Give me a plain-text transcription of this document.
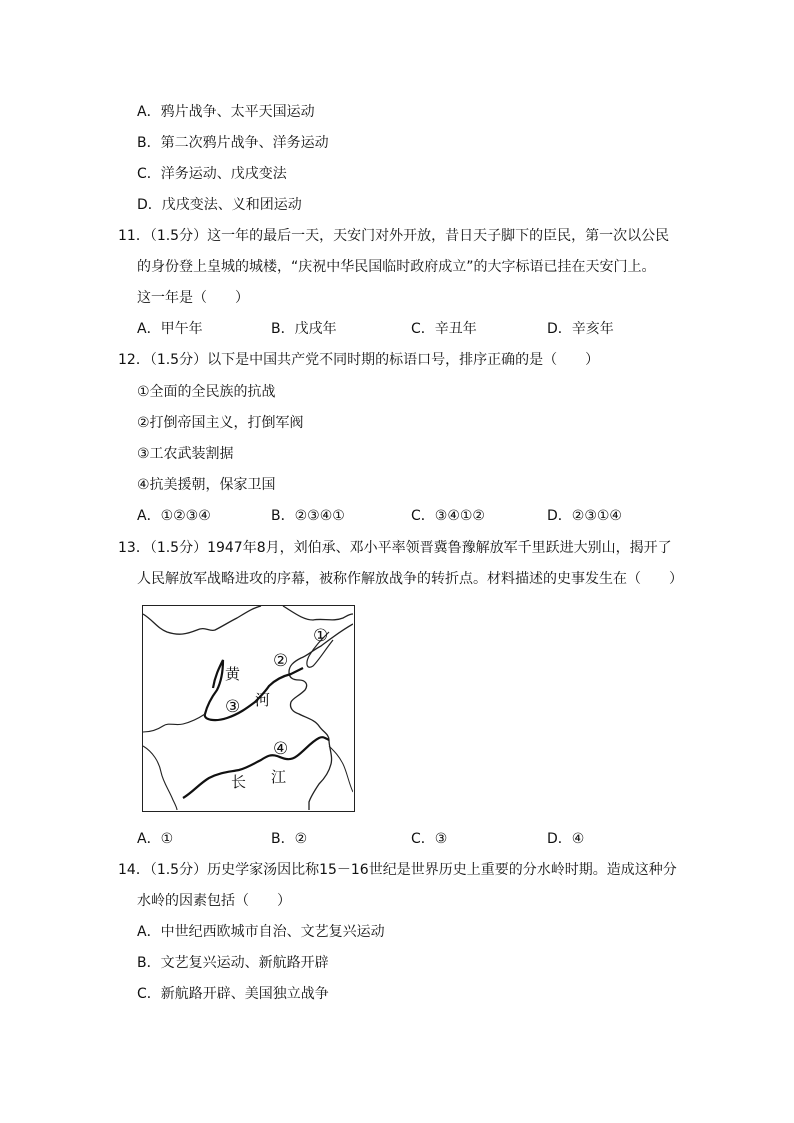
A．鸦片战争、太平天国运动
B．第二次鸦片战争、洋务运动
C．洋务运动、戊戌变法
D．戊戌变法、义和团运动
11．（1.5分）这一年的最后一天，天安门对外开放，昔日天子脚下的臣民，第一次以公民
的身份登上皇城的城楼，“庆祝中华民国临时政府成立”的大字标语已挂在天安门上。
这一年是（　　）
A．甲午年	B．戊戌年	C．辛丑年	D．辛亥年
12．（1.5分）以下是中国共产党不同时期的标语口号，排序正确的是（　　）
①全面的全民族的抗战
②打倒帝国主义，打倒军阀
③工农武装割据
④抗美援朝，保家卫国
A．①②③④	B．②③④①	C．③④①②	D．②③①④
13．（1.5分）1947年8月，刘伯承、邓小平率领晋冀鲁豫解放军千里跃进大别山，揭开了
人民解放军战略进攻的序幕，被称作解放战争的转折点。材料描述的史事发生在（　　）
黄
河
长 江
①
②
③
④
A．①	B．②	C．③	D．④
14．（1.5分）历史学家汤因比称15－16世纪是世界历史上重要的分水岭时期。造成这种分
水岭的因素包括（　　）
A．中世纪西欧城市自治、文艺复兴运动
B．文艺复兴运动、新航路开辟
C．新航路开辟、美国独立战争
